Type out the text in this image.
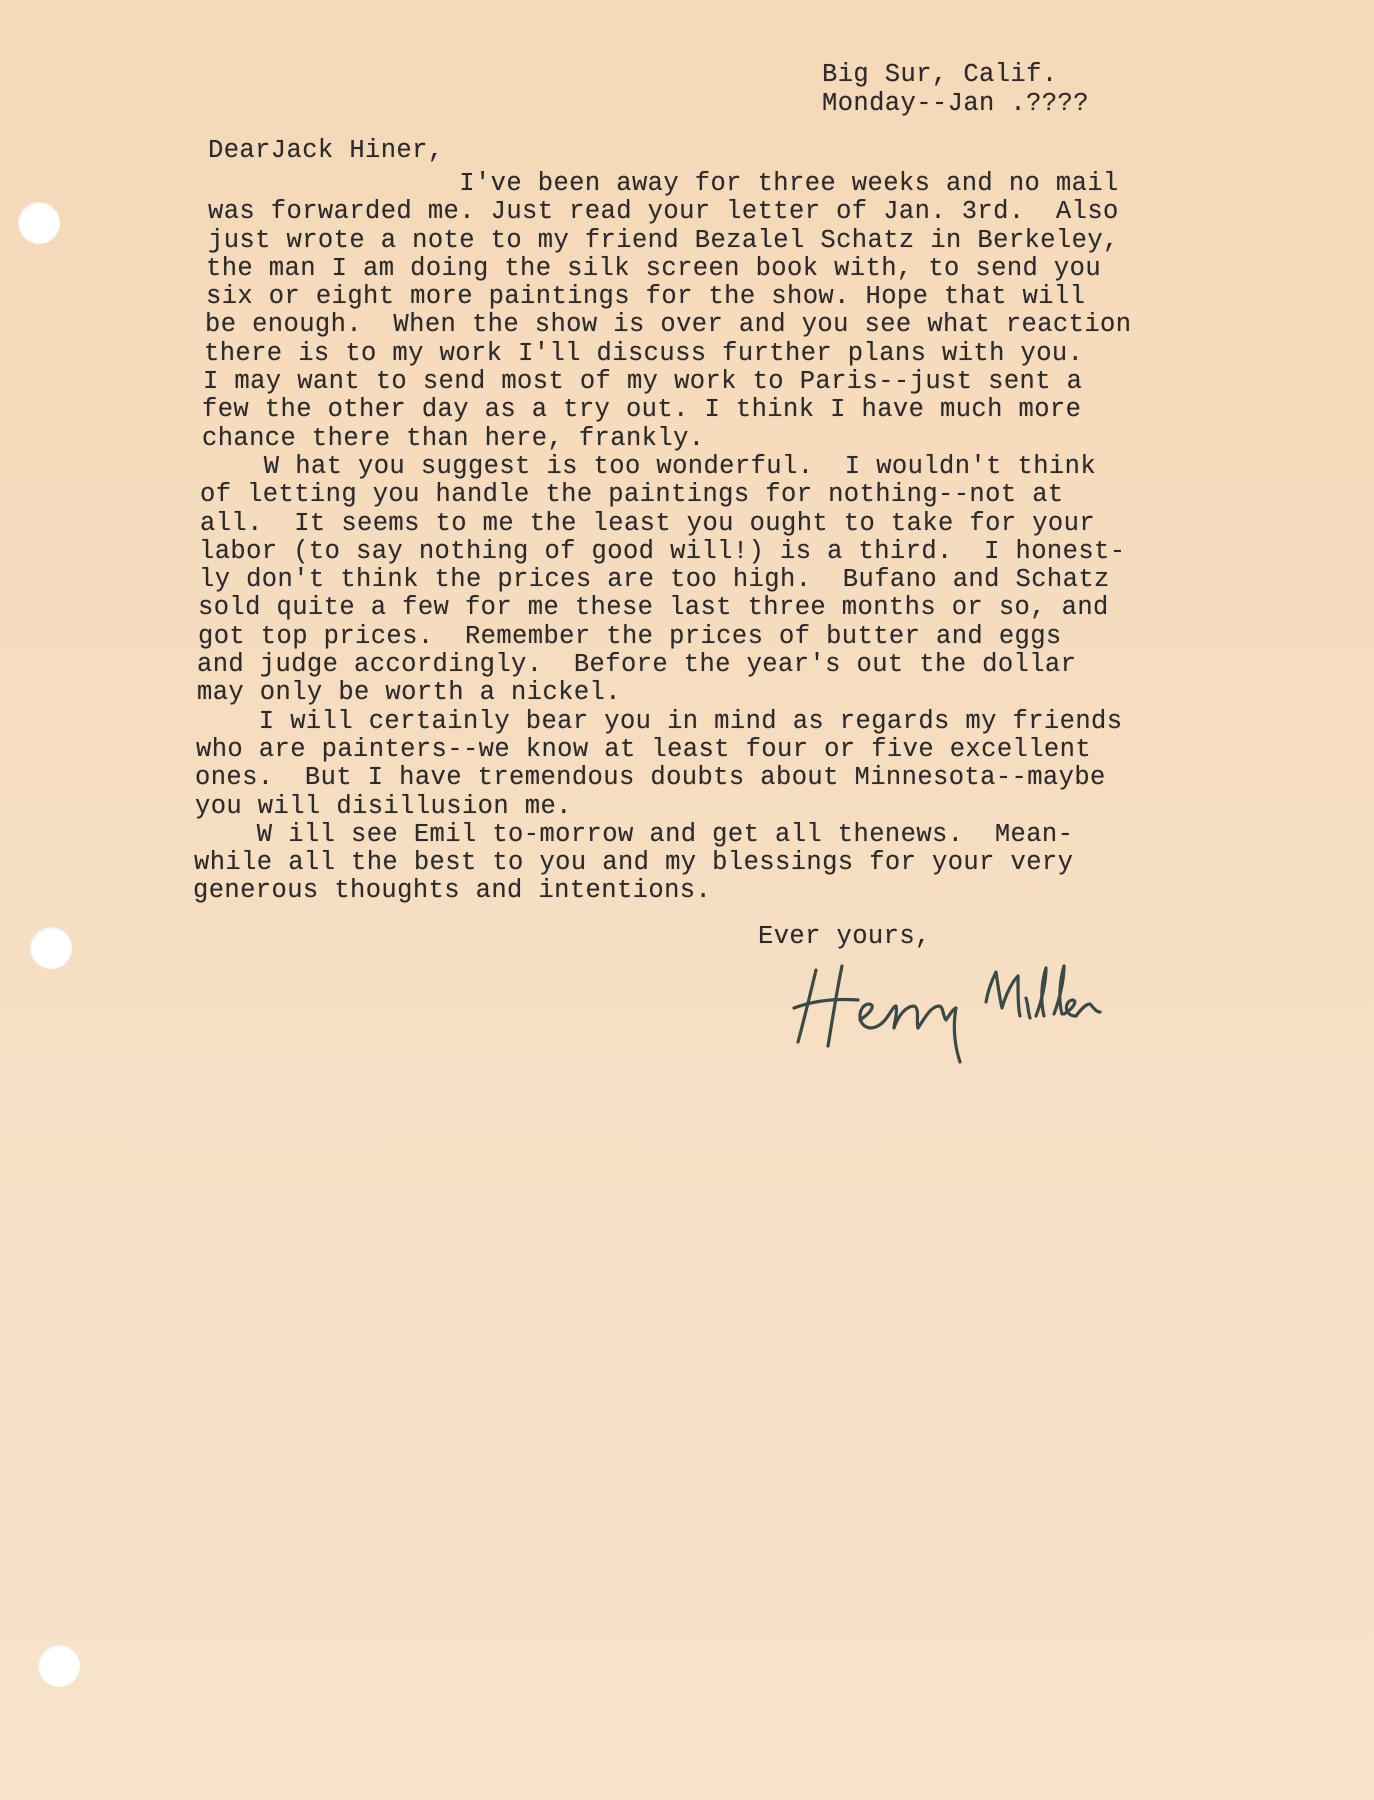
Big Sur, Calif.
Monday--Jan .????
DearJack Hiner,
I've been away for three weeks and no mail
was forwarded me. Just read your letter of Jan. 3rd.  Also
just wrote a note to my friend Bezalel Schatz in Berkeley,
the man I am doing the silk screen book with, to send you
six or eight more paintings for the show. Hope that will
be enough.  When the show is over and you see what reaction
there is to my work I'll discuss further plans with you.
I may want to send most of my work to Paris--just sent a
few the other day as a try out. I think I have much more
chance there than here, frankly.
W hat you suggest is too wonderful.  I wouldn't think
of letting you handle the paintings for nothing--not at
all.  It seems to me the least you ought to take for your
labor (to say nothing of good will!) is a third.  I honest-
ly don't think the prices are too high.  Bufano and Schatz
sold quite a few for me these last three months or so, and
got top prices.  Remember the prices of butter and eggs
and judge accordingly.  Before the year's out the dollar
may only be worth a nickel.
I will certainly bear you in mind as regards my friends
who are painters--we know at least four or five excellent
ones.  But I have tremendous doubts about Minnesota--maybe
you will disillusion me.
W ill see Emil to-morrow and get all thenews.  Mean-
while all the best to you and my blessings for your very
generous thoughts and intentions.
Ever yours,
